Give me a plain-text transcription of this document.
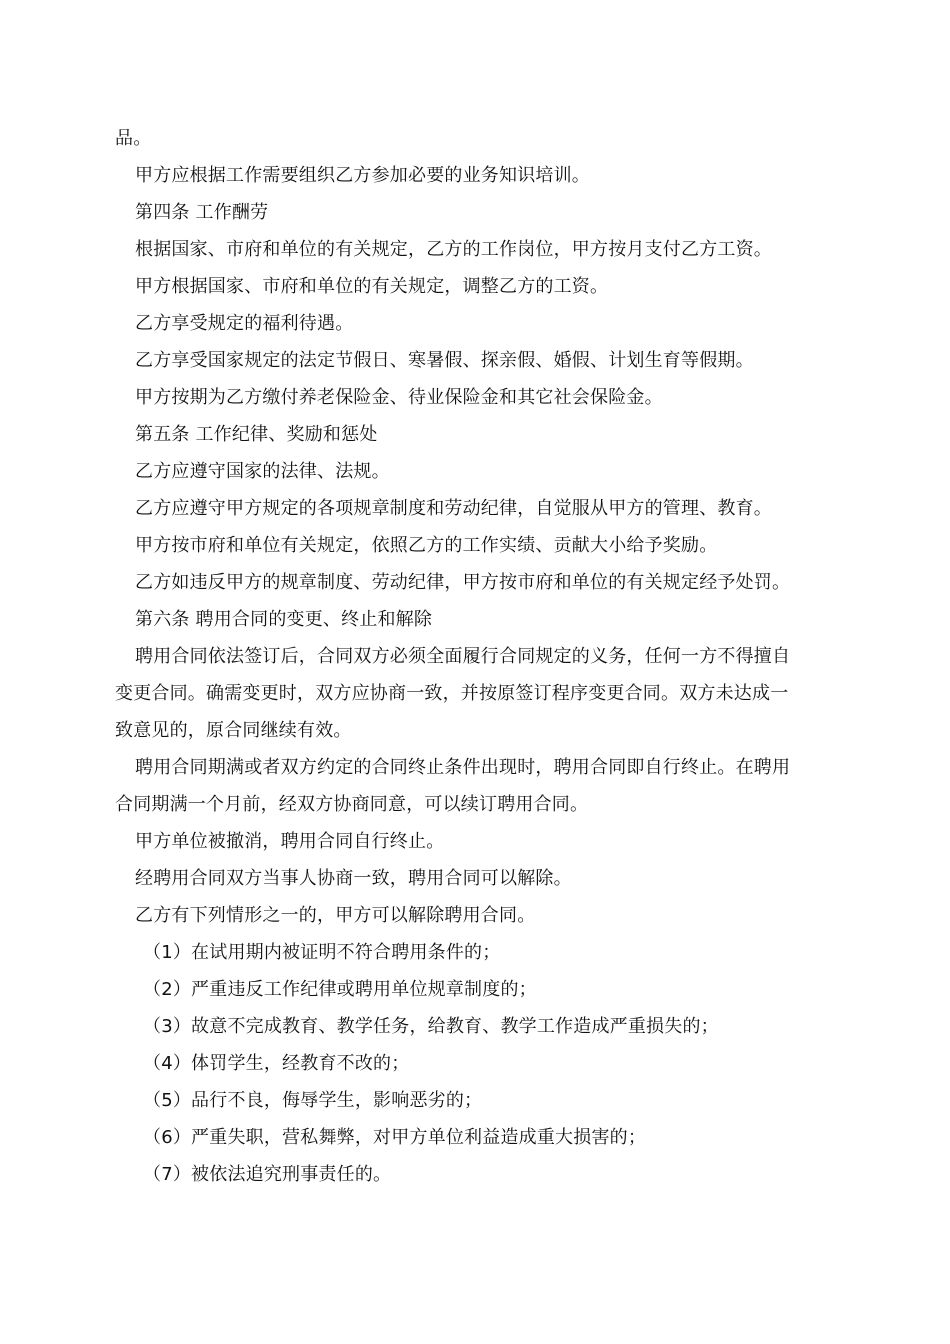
品。
甲方应根据工作需要组织乙方参加必要的业务知识培训。
第四条 工作酬劳
根据国家、市府和单位的有关规定，乙方的工作岗位，甲方按月支付乙方工资。
甲方根据国家、市府和单位的有关规定，调整乙方的工资。
乙方享受规定的福利待遇。
乙方享受国家规定的法定节假日、寒暑假、探亲假、婚假、计划生育等假期。
甲方按期为乙方缴付养老保险金、待业保险金和其它社会保险金。
第五条 工作纪律、奖励和惩处
乙方应遵守国家的法律、法规。
乙方应遵守甲方规定的各项规章制度和劳动纪律，自觉服从甲方的管理、教育。
甲方按市府和单位有关规定，依照乙方的工作实绩、贡献大小给予奖励。
乙方如违反甲方的规章制度、劳动纪律，甲方按市府和单位的有关规定经予处罚。
第六条 聘用合同的变更、终止和解除
聘用合同依法签订后，合同双方必须全面履行合同规定的义务，任何一方不得擅自
变更合同。确需变更时，双方应协商一致，并按原签订程序变更合同。双方未达成一
致意见的，原合同继续有效。
聘用合同期满或者双方约定的合同终止条件出现时，聘用合同即自行终止。在聘用
合同期满一个月前，经双方协商同意，可以续订聘用合同。
甲方单位被撤消，聘用合同自行终止。
经聘用合同双方当事人协商一致，聘用合同可以解除。
乙方有下列情形之一的，甲方可以解除聘用合同。
（1）在试用期内被证明不符合聘用条件的；
（2）严重违反工作纪律或聘用单位规章制度的；
（3）故意不完成教育、教学任务，给教育、教学工作造成严重损失的；
（4）体罚学生，经教育不改的；
（5）品行不良，侮辱学生，影响恶劣的；
（6）严重失职，营私舞弊，对甲方单位利益造成重大损害的；
（7）被依法追究刑事责任的。
